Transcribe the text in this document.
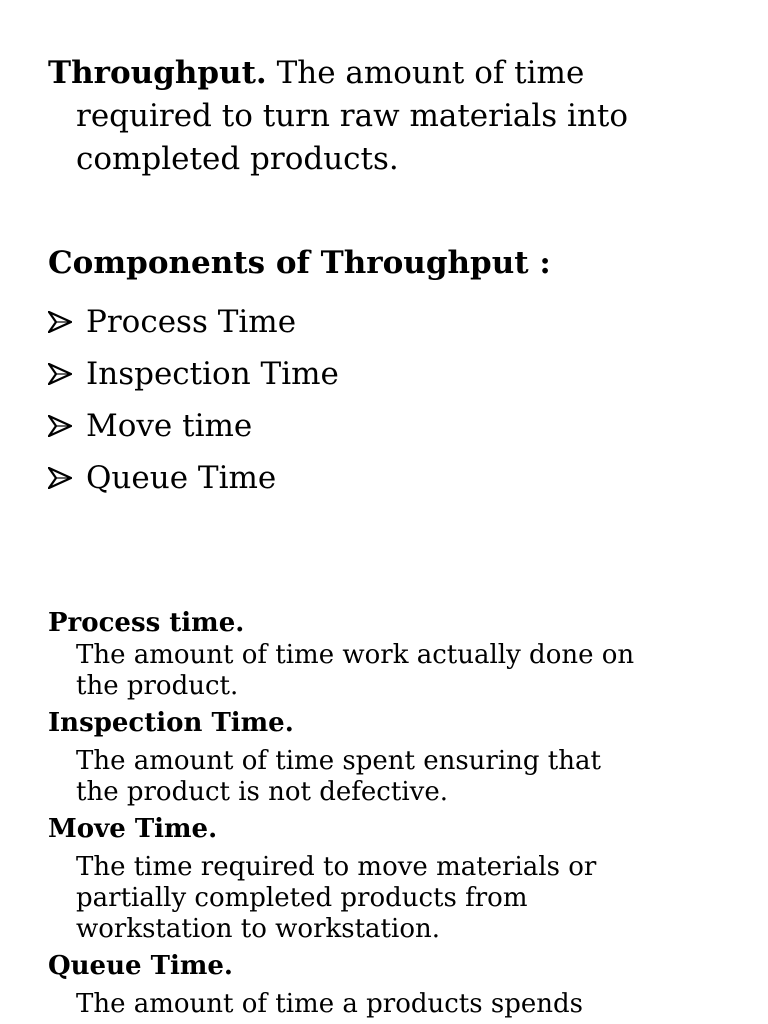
Throughput. The amount of time
required to turn raw materials into
completed products.
Components of Throughput :
Process Time
Inspection Time
Move time
Queue Time
Process time.
The amount of time work actually done on
the product.
Inspection Time.
The amount of time spent ensuring that
the product is not defective.
Move Time.
The time required to move materials or
partially completed products from
workstation to workstation.
Queue Time.
The amount of time a products spends
